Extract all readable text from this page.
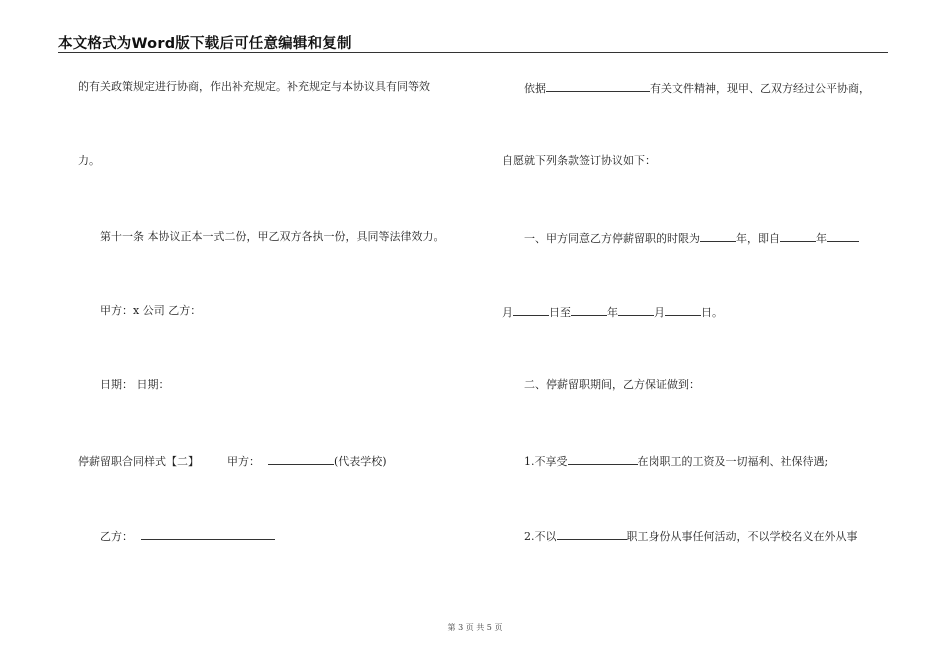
本文格式为Word版下载后可任意编辑和复制
的有关政策规定进行协商，作出补充规定。补充规定与本协议具有同等效
力。
第十一条 本协议正本一式二份，甲乙双方各执一份，具同等法律效力。
甲方：x 公司 乙方：
日期： 日期：
停薪留职合同样式【二】	甲方：	(代表学校)
乙方：
依据	有关文件精神，现甲、乙双方经过公平协商，
自愿就下列条款签订协议如下：
一、甲方同意乙方停薪留职的时限为	年，即自	年
月	日至	年	月	日。
二、停薪留职期间，乙方保证做到：
1.不享受	在岗职工的工资及一切福利、社保待遇;
2.不以	职工身份从事任何活动，不以学校名义在外从事
第 3 页 共 5 页
